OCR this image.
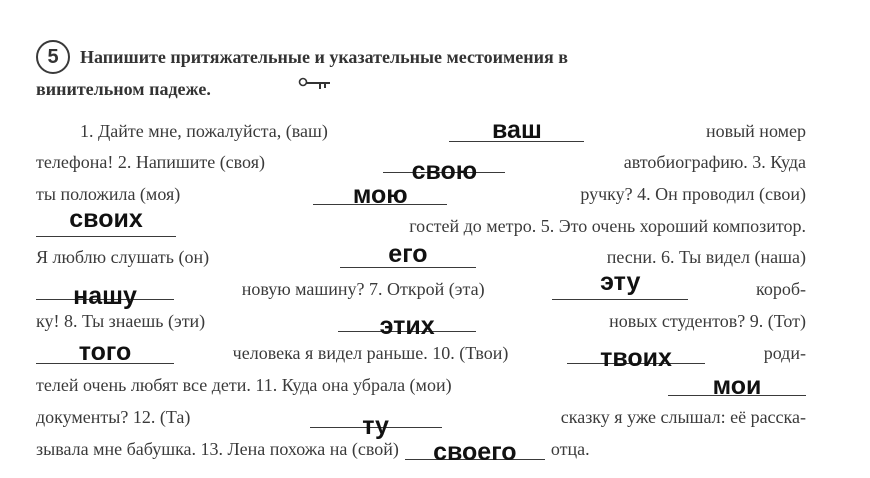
5	Напишите притяжательные и указательные местоимения в
винительном падеже.
1. Дайте мне, пожалуйста, (ваш)	ваш	новый номер
телефона! 2. Напишите (своя)	свою	автобиографию. 3. Куда
ты положила (моя)	мою	ручку? 4. Он проводил (свои)
своих	гостей до метро. 5. Это очень хороший композитор.
Я люблю слушать (он)	его	песни. 6. Ты видел (наша)
нашу	новую машину? 7. Открой (эта)	эту	короб-
ку! 8. Ты знаешь (эти)	этих	новых студентов? 9. (Тот)
того	человека я видел раньше. 10. (Твои)	твоих	роди-
телей очень любят все дети. 11. Куда она убрала (мои)	мои
документы? 12. (Та)	ту	сказку я уже слышал: её расска-
зывала мне бабушка. 13. Лена похожа на (свой)	своего	отца.
